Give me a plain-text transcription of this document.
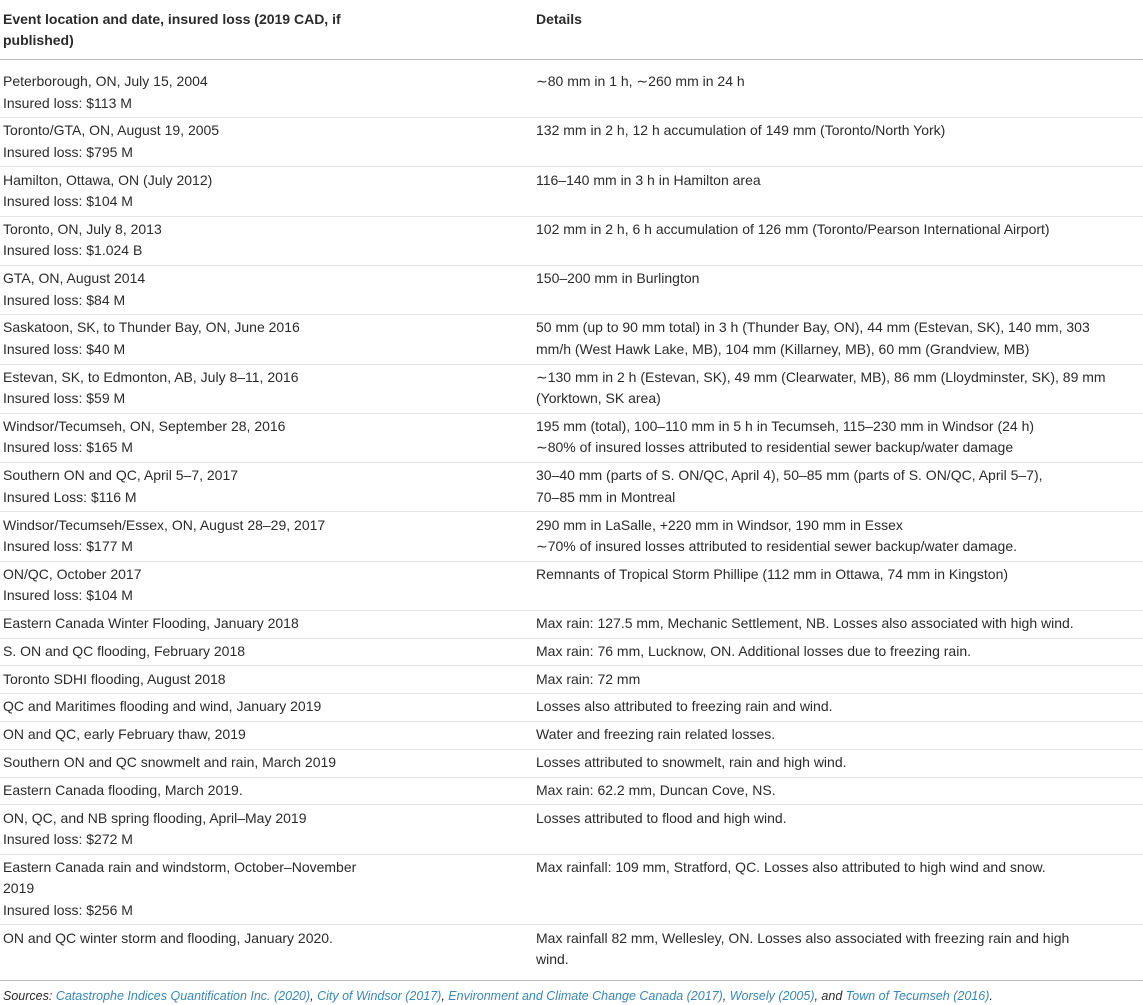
Event location and date, insured loss (2019 CAD, if published)	Details

Peterborough, ON, July 15, 2004
Insured loss: $113 M	∼80 mm in 1 h, ∼260 mm in 24 h

Toronto/GTA, ON, August 19, 2005
Insured loss: $795 M	132 mm in 2 h, 12 h accumulation of 149 mm (Toronto/North York)

Hamilton, Ottawa, ON (July 2012)
Insured loss: $104 M	116–140 mm in 3 h in Hamilton area

Toronto, ON, July 8, 2013
Insured loss: $1.024 B	102 mm in 2 h, 6 h accumulation of 126 mm (Toronto/Pearson International Airport)

GTA, ON, August 2014
Insured loss: $84 M	150–200 mm in Burlington

Saskatoon, SK, to Thunder Bay, ON, June 2016
Insured loss: $40 M	50 mm (up to 90 mm total) in 3 h (Thunder Bay, ON), 44 mm (Estevan, SK), 140 mm, 303
mm/h (West Hawk Lake, MB), 104 mm (Killarney, MB), 60 mm (Grandview, MB)

Estevan, SK, to Edmonton, AB, July 8–11, 2016
Insured loss: $59 M	∼130 mm in 2 h (Estevan, SK), 49 mm (Clearwater, MB), 86 mm (Lloydminster, SK), 89 mm
(Yorktown, SK area)

Windsor/Tecumseh, ON, September 28, 2016
Insured loss: $165 M	195 mm (total), 100–110 mm in 5 h in Tecumseh, 115–230 mm in Windsor (24 h)
∼80% of insured losses attributed to residential sewer backup/water damage

Southern ON and QC, April 5–7, 2017
Insured Loss: $116 M	30–40 mm (parts of S. ON/QC, April 4), 50–85 mm (parts of S. ON/QC, April 5–7),
70–85 mm in Montreal

Windsor/Tecumseh/Essex, ON, August 28–29, 2017
Insured loss: $177 M	290 mm in LaSalle, +220 mm in Windsor, 190 mm in Essex
∼70% of insured losses attributed to residential sewer backup/water damage.

ON/QC, October 2017
Insured loss: $104 M	Remnants of Tropical Storm Phillipe (112 mm in Ottawa, 74 mm in Kingston)

Eastern Canada Winter Flooding, January 2018	Max rain: 127.5 mm, Mechanic Settlement, NB. Losses also associated with high wind.

S. ON and QC flooding, February 2018	Max rain: 76 mm, Lucknow, ON. Additional losses due to freezing rain.

Toronto SDHI flooding, August 2018	Max rain: 72 mm

QC and Maritimes flooding and wind, January 2019	Losses also attributed to freezing rain and wind.

ON and QC, early February thaw, 2019	Water and freezing rain related losses.

Southern ON and QC snowmelt and rain, March 2019	Losses attributed to snowmelt, rain and high wind.

Eastern Canada flooding, March 2019.	Max rain: 62.2 mm, Duncan Cove, NS.

ON, QC, and NB spring flooding, April–May 2019
Insured loss: $272 M	Losses attributed to flood and high wind.

Eastern Canada rain and windstorm, October–November
2019
Insured loss: $256 M	Max rainfall: 109 mm, Stratford, QC. Losses also attributed to high wind and snow.

ON and QC winter storm and flooding, January 2020.	Max rainfall 82 mm, Wellesley, ON. Losses also associated with freezing rain and high
wind.
Sources: Catastrophe Indices Quantification Inc. (2020), City of Windsor (2017), Environment and Climate Change Canada (2017), Worsely (2005), and Town of Tecumseh (2016).
